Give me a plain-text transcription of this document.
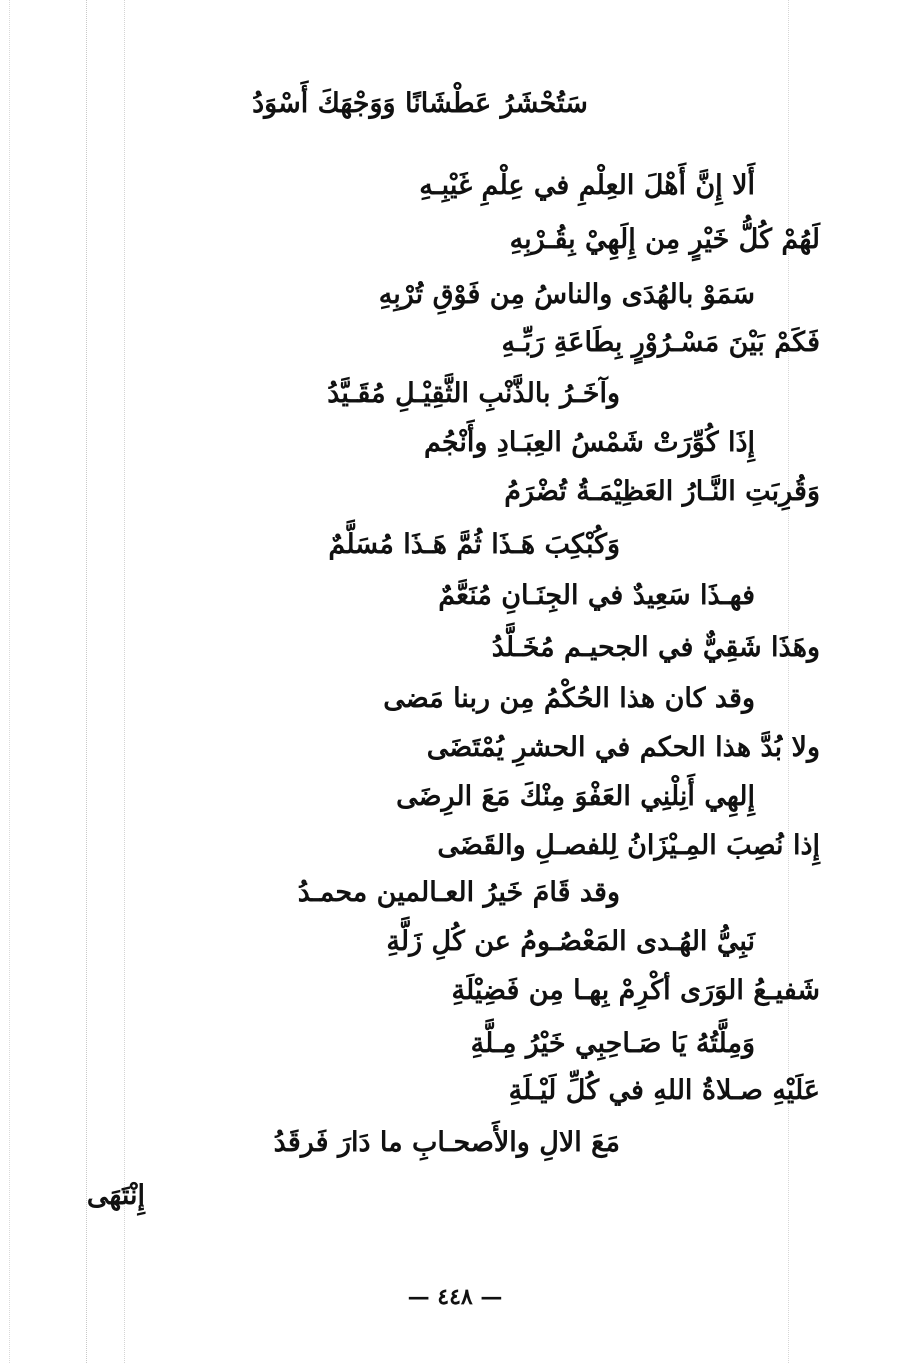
سَتُحْشَرُ عَطْشَانًا وَوَجْهَكَ أَسْوَدُ
أَلا إِنَّ أَهْلَ العِلْمِ في عِلْمِ غَيْبِـهِ
لَهُمْ كُلُّ خَيْرٍ مِن إِلَهِيْ بِقُـرْبِهِ
سَمَوْ بالهُدَى والناسُ مِن فَوْقِ تُرْبِهِ
فَكَمْ بَيْنَ مَسْـرُوْرٍ بِطَاعَةِ رَبِّـهِ
وآخَـرُ بالذَّنْبِ الثَّقِيْـلِ مُقَـيَّدُ
إِذَا كُوِّرَتْ شَمْسُ العِبَـادِ وأَنْجُم
وَقُرِبَتِ النَّـارُ العَظِيْمَـةُ تُضْرَمُ
وَكُبْكِبَ هَـذَا ثُمَّ هَـذَا مُسَلَّمٌ
فهـذَا سَعِيدٌ في الجِنَـانِ مُنَعَّمٌ
وهَذَا شَقِيٌّ في الجحيـم مُخَـلَّدُ
وقد كان هذا الحُكْمُ مِن ربنا مَضى
ولا بُدَّ هذا الحكم في الحشرِ يُمْتَضَى
إِلهِي أَنِلْنِي العَفْوَ مِنْكَ مَعَ الرِضَى
إِذا نُصِبَ المِـيْزَانُ لِلفصـلِ والقَضَى
وقد قَامَ خَيرُ العـالمين محمـدُ
نَبِيُّ الهُـدى المَعْصُـومُ عن كُلِ زَلَّةِ
شَفيـعُ الوَرَى أكْرِمْ بِهـا مِن فَضِيْلَةِ
وَمِلَّتُهُ يَا صَـاحِبِي خَيْرُ مِـلَّةِ
عَلَيْهِ صـلاةُ اللهِ في كُلِّ لَيْـلَةِ
مَعَ الالِ والأَصحـابِ ما دَارَ فَرقَدُ
إِنْتَهَى
— ٤٤٨ —
